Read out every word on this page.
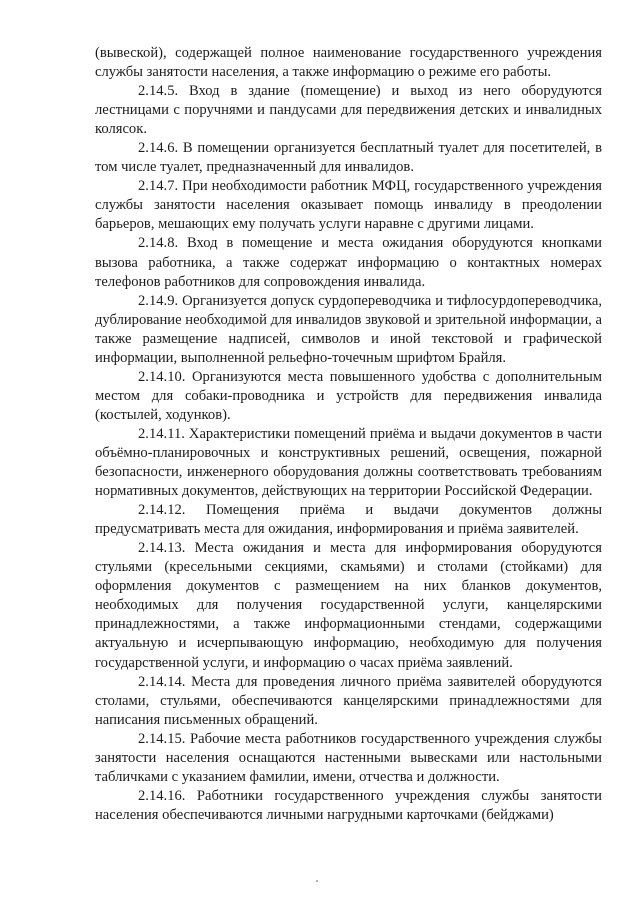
(вывеской), содержащей полное наименование государственного учреждения службы занятости населения, а также информацию о режиме его работы.

2.14.5. Вход в здание (помещение) и выход из него оборудуются лестницами с поручнями и пандусами для передвижения детских и инвалидных колясок.

2.14.6. В помещении организуется бесплатный туалет для посетителей, в том числе туалет, предназначенный для инвалидов.

2.14.7. При необходимости работник МФЦ, государственного учреждения службы занятости населения оказывает помощь инвалиду в преодолении барьеров, мешающих ему получать услуги наравне с другими лицами.

2.14.8. Вход в помещение и места ожидания оборудуются кнопками вызова работника, а также содержат информацию о контактных номерах телефонов работников для сопровождения инвалида.

2.14.9. Организуется допуск сурдопереводчика и тифлосурдопереводчика, дублирование необходимой для инвалидов звуковой и зрительной информации, а также размещение надписей, символов и иной текстовой и графической информации, выполненной рельефно-точечным шрифтом Брайля.

2.14.10. Организуются места повышенного удобства с дополнительным местом для собаки-проводника и устройств для передвижения инвалида (костылей, ходунков).

2.14.11. Характеристики помещений приёма и выдачи документов в части объёмно-планировочных и конструктивных решений, освещения, пожарной безопасности, инженерного оборудования должны соответствовать требованиям нормативных документов, действующих на территории Российской Федерации.

2.14.12. Помещения приёма и выдачи документов должны предусматривать места для ожидания, информирования и приёма заявителей.

2.14.13. Места ожидания и места для информирования оборудуются стульями (кресельными секциями, скамьями) и столами (стойками) для оформления документов с размещением на них бланков документов, необходимых для получения государственной услуги, канцелярскими принадлежностями, а также информационными стендами, содержащими актуальную и исчерпывающую информацию, необходимую для получения государственной услуги, и информацию о часах приёма заявлений.

2.14.14. Места для проведения личного приёма заявителей оборудуются столами, стульями, обеспечиваются канцелярскими принадлежностями для написания письменных обращений.

2.14.15. Рабочие места работников государственного учреждения службы занятости населения оснащаются настенными вывесками или настольными табличками с указанием фамилии, имени, отчества и должности.

2.14.16. Работники государственного учреждения службы занятости населения обеспечиваются личными нагрудными карточками (бейджами)
